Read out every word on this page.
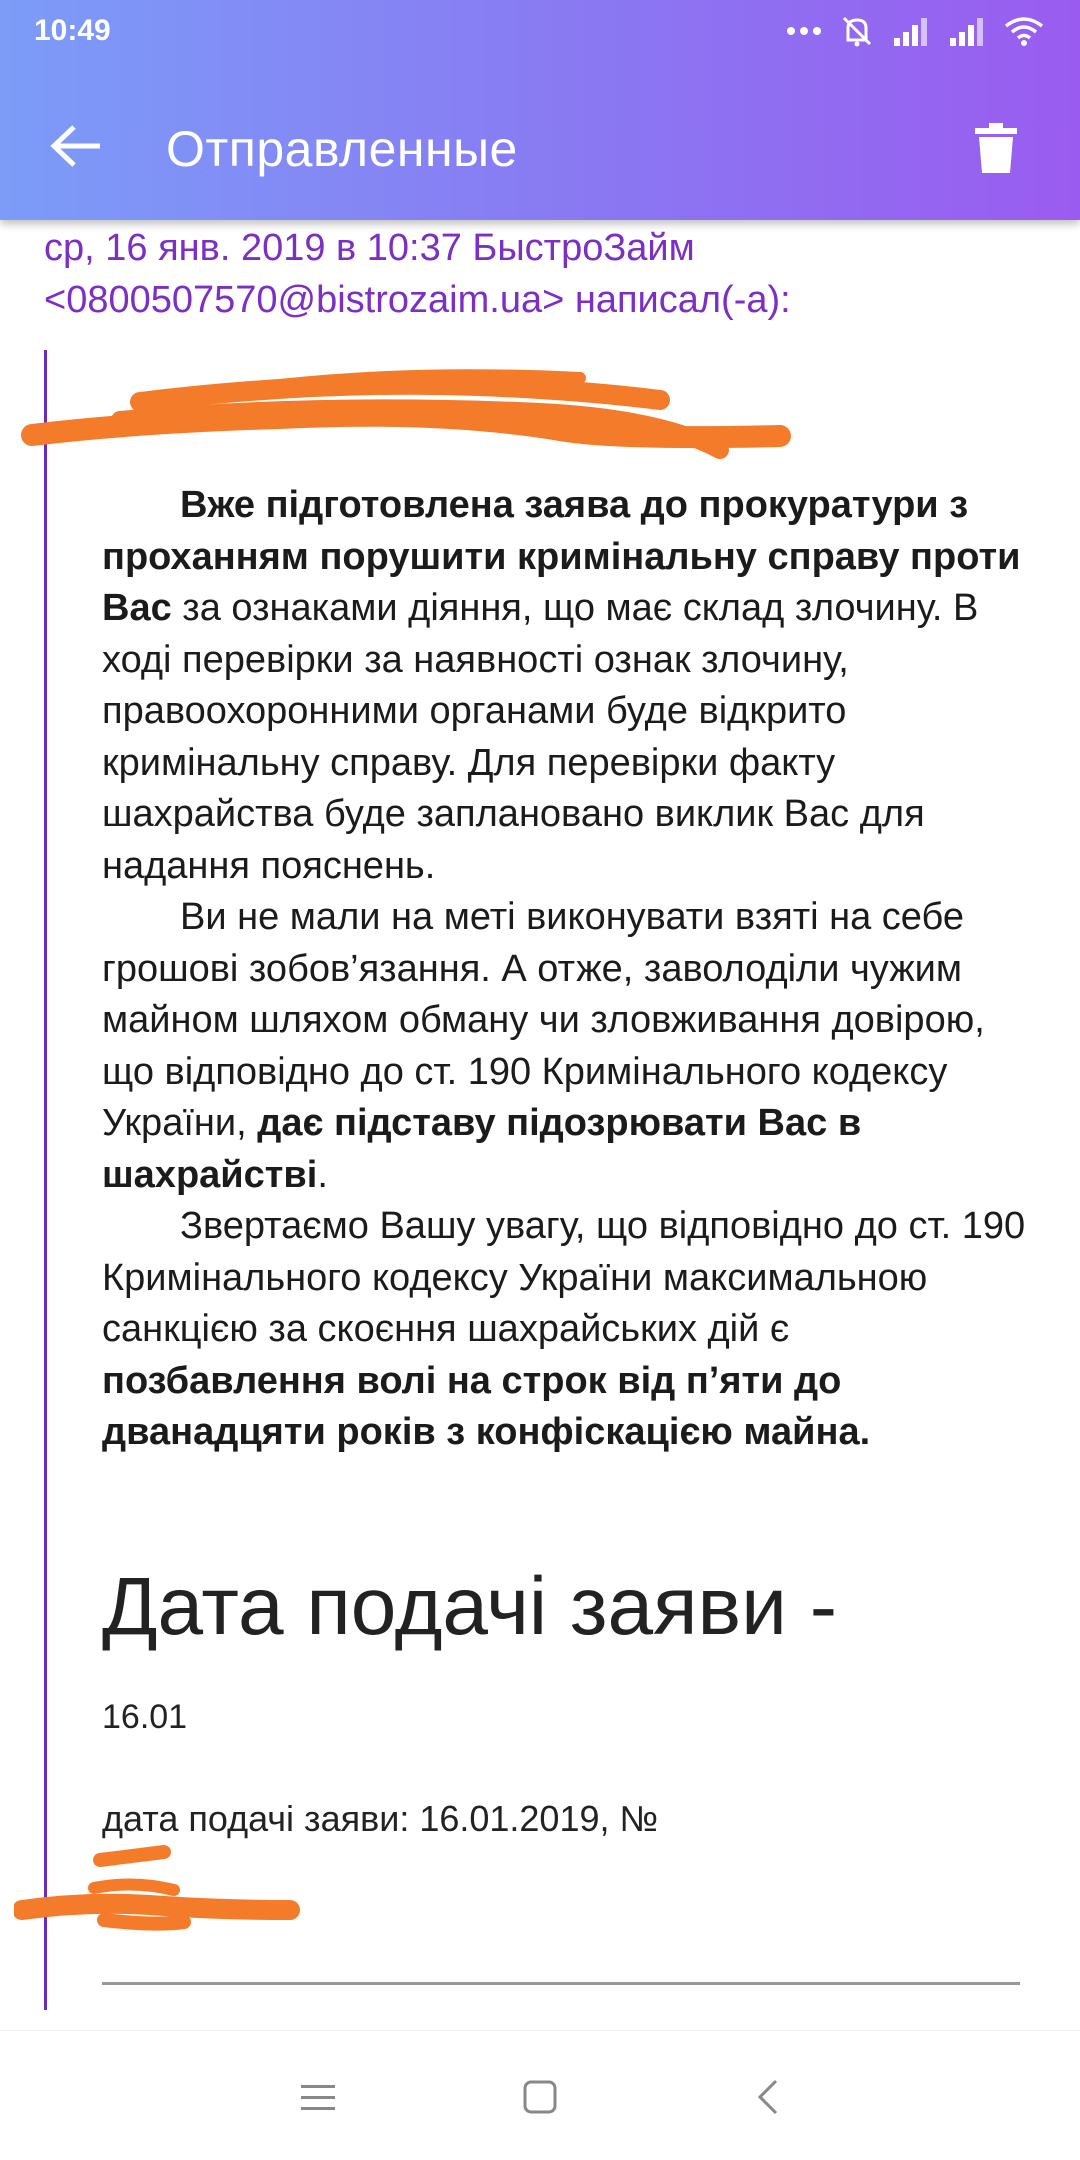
10:49
Отправленные
ср, 16 янв. 2019 в 10:37 БыстроЗайм
<0800507570@bistrozaim.ua> написал(-а):

Вже підготовлена заява до прокуратури з проханням порушити кримінальну справу проти Вас за ознаками діяння, що має склад злочину. В ході перевірки за наявності ознак злочину, правоохоронними органами буде відкрито кримінальну справу. Для перевірки факту шахрайства буде заплановано виклик Вас для надання пояснень.

Ви не мали на меті виконувати взяті на себе грошові зобов’язання. А отже, заволоділи чужим майном шляхом обману чи зловживання довірою, що відповідно до ст. 190 Кримінального кодексу України, дає підставу підозрювати Вас в шахрайстві.

Звертаємо Вашу увагу, що відповідно до ст. 190 Кримінального кодексу України максимальною санкцією за скоєння шахрайських дій є позбавлення волі на строк від п’яти до дванадцяти років з конфіскацією майна.

Дата подачі заяви -
16.01
дата подачі заяви: 16.01.2019, №
